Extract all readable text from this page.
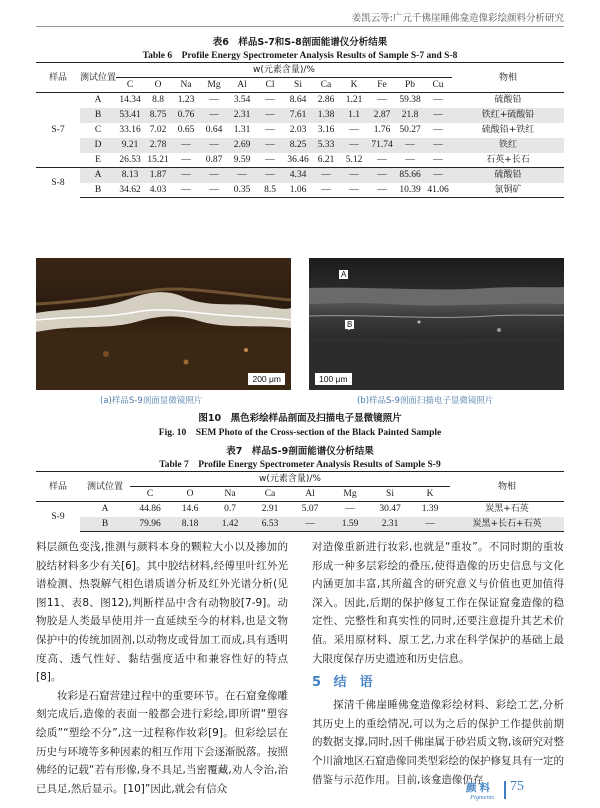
姜凯云等:广元千佛崖睡佛龛造像彩绘颜料分析研究
表6　样品S-7和S-8剖面能谱仪分析结果
Table 6　Profile Energy Spectrometer Analysis Results of Sample S-7 and S-8
样品	测试位置	w(元素含量)/%												物相
		C	O	Na	Mg	Al	Cl	Si	Ca	K	Fe	Pb	Cu	
S-7	A	14.34	8.8	1.23	—	3.54	—	8.64	2.86	1.21	—	59.38	—	硫酸铅
	B	53.41	8.75	0.76	—	2.31	—	7.61	1.38	1.1	2.87	21.8	—	铁红+硫酸铅
	C	33.16	7.02	0.65	0.64	1.31	—	2.03	3.16	—	1.76	50.27	—	硫酸铅+铁红
	D	9.21	2.78	—	—	2.69	—	8.25	5.33	—	71.74	—	—	铁红
	E	26.53	15.21	—	0.87	9.59	—	36.46	6.21	5.12	—	—	—	石英+长石
S-8	A	8.13	1.87	—	—	—	—	4.34	—	—	—	85.66	—	硫酸铅
	B	34.62	4.03	—	—	0.35	8.5	1.06	—	—	—	10.39	41.06	氯铜矿
200 μm
A
B
100 μm
(a)样品S-9剖面显微镜照片	(b)样品S-9剖面扫描电子显微镜照片
图10　黑色彩绘样品剖面及扫描电子显微镜照片
Fig. 10　SEM Photo of the Cross-section of the Black Painted Sample
表7　样品S-9剖面能谱仪分析结果
Table 7　Profile Energy Spectrometer Analysis Results of Sample S-9
样品	测试位置	w(元素含量)/%								物相
		C	O	Na	Ca	Al	Mg	Si	K	
S-9	A	44.86	14.6	0.7	2.91	5.07	—	30.47	1.39	炭黑+石英
	B	79.96	8.18	1.42	6.53	—	1.59	2.31	—	炭黑+长石+石英

料层颜色变浅,推测与颜料本身的颗粒大小以及掺加的胶结材料多少有关[6]。其中胶结材料,经傅里叶红外光谱检测、热裂解气相色谱质谱分析及红外光谱分析(见图11、表8、图12),判断样品中含有动物胶[7-9]。动物胶是人类最早使用并一直延续至今的材料,也是文物保护中的传统加固剂,以动物皮或骨加工而成,具有透明度高、透气性好、黏结强度适中和兼容性好的特点[8]。

妆彩是石窟营建过程中的重要环节。在石窟龛像雕刻完成后,造像的表面一般都会进行彩绘,即所谓“塑容绘质”“塑绘不分”,这一过程称作妆彩[9]。但彩绘层在历史与环境等多种因素的相互作用下会逐渐脱落。按照佛经的记载“若有形像,身不具足,当密覆藏,劝人令治,治已具足,然后显示。[10]”因此,就会有信众

对造像重新进行妆彩,也就是“重妆”。不同时期的重妆形成一种多层彩绘的叠压,使得造像的历史信息与文化内涵更加丰富,其所蕴含的研究意义与价值也更加值得深入。因此,后期的保护修复工作在保证窟龛造像的稳定性、完整性和真实性的同时,还要注意提升其艺术价值。采用原材料、原工艺,力求在科学保护的基础上最大限度保存历史遗迹和历史信息。

5 结　语

探清千佛崖睡佛龛造像彩绘材料、彩绘工艺,分析其历史上的重绘情况,可以为之后的保护工作提供前期的数据支撑,同时,因千佛崖属于砂岩质文物,该研究对整个川渝地区石窟造像同类型彩绘的保护修复具有一定的借鉴与示范作用。目前,该龛造像仍存

颜料
Pigments
75
